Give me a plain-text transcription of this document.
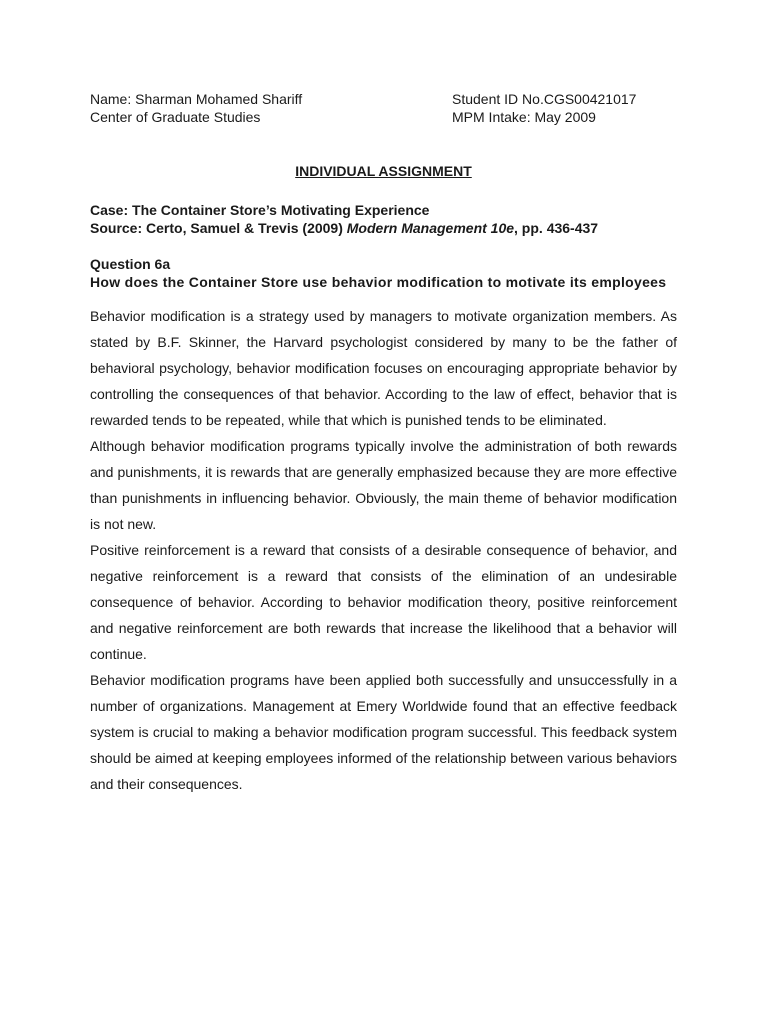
Name: Sharman Mohamed Shariff
Center of Graduate Studies
Student ID No.CGS00421017
MPM Intake: May 2009
INDIVIDUAL ASSIGNMENT
Case: The Container Store’s Motivating Experience
Source: Certo, Samuel & Trevis (2009) Modern Management 10e, pp. 436-437
Question 6a
How does the Container Store use behavior modification to motivate its employees

Behavior modification is a strategy used by managers to motivate organization members. As stated by B.F. Skinner, the Harvard psychologist considered by many to be the father of behavioral psychology, behavior modification focuses on encouraging appropriate behavior by controlling the consequences of that behavior. According to the law of effect, behavior that is rewarded tends to be repeated, while that which is punished tends to be eliminated.

Although behavior modification programs typically involve the administration of both rewards and punishments, it is rewards that are generally emphasized because they are more effective than punishments in influencing behavior. Obviously, the main theme of behavior modification is not new.

Positive reinforcement is a reward that consists of a desirable consequence of behavior, and negative reinforcement is a reward that consists of the elimination of an undesirable consequence of behavior. According to behavior modification theory, positive reinforcement and negative reinforcement are both rewards that increase the likelihood that a behavior will continue.

Behavior modification programs have been applied both successfully and unsuccessfully in a number of organizations. Management at Emery Worldwide found that an effective feedback system is crucial to making a behavior modification program successful. This feedback system should be aimed at keeping employees informed of the relationship between various behaviors and their consequences.
